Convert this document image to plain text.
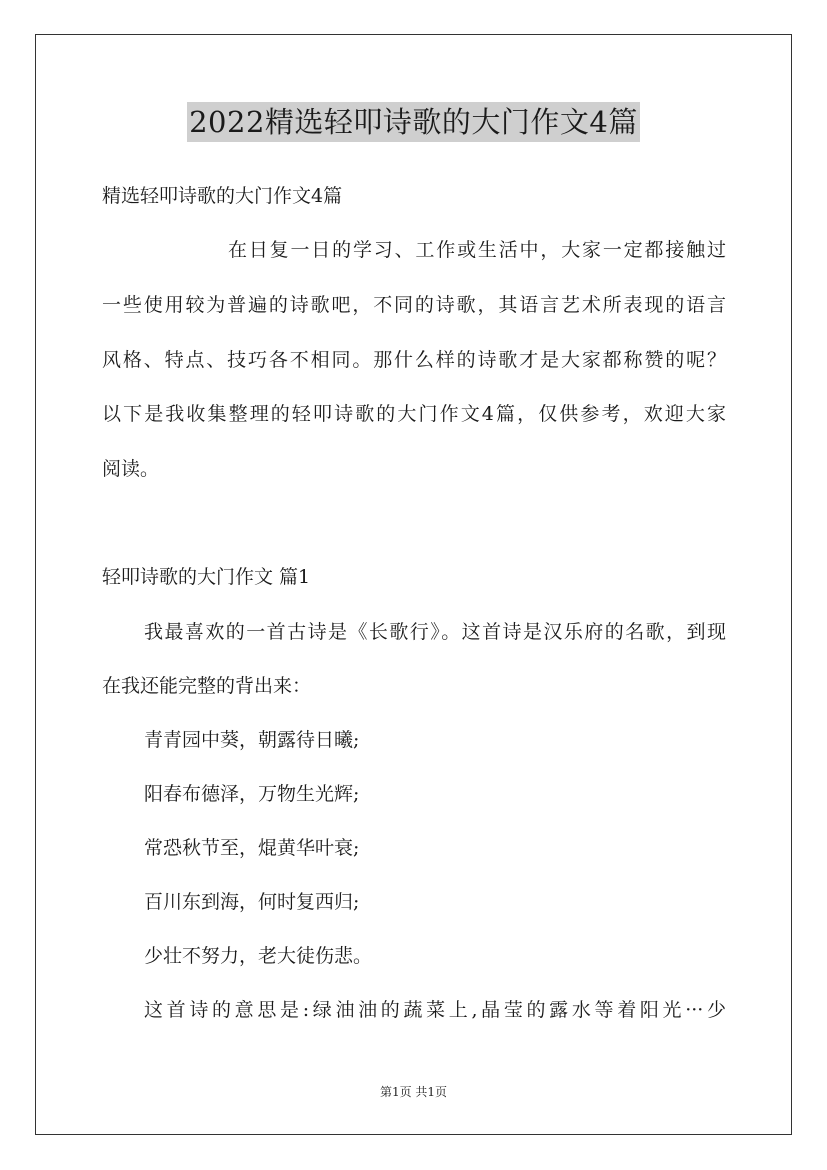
2022精选轻叩诗歌的大门作文4篇
精选轻叩诗歌的大门作文4篇
在日复一日的学习、工作或生活中，大家一定都接触过
一些使用较为普遍的诗歌吧，不同的诗歌，其语言艺术所表现的语言
风格、特点、技巧各不相同。那什么样的诗歌才是大家都称赞的呢？
以下是我收集整理的轻叩诗歌的大门作文4篇，仅供参考，欢迎大家
阅读。
轻叩诗歌的大门作文 篇1
我最喜欢的一首古诗是《长歌行》。这首诗是汉乐府的名歌，到现
在我还能完整的背出来：
青青园中葵，朝露待日曦;
阳春布德泽，万物生光辉;
常恐秋节至，焜黄华叶衰;
百川东到海，何时复西归;
少壮不努力，老大徒伤悲。
这首诗的意思是:绿油油的蔬菜上,晶莹的露水等着阳光···少
第1页 共1页
